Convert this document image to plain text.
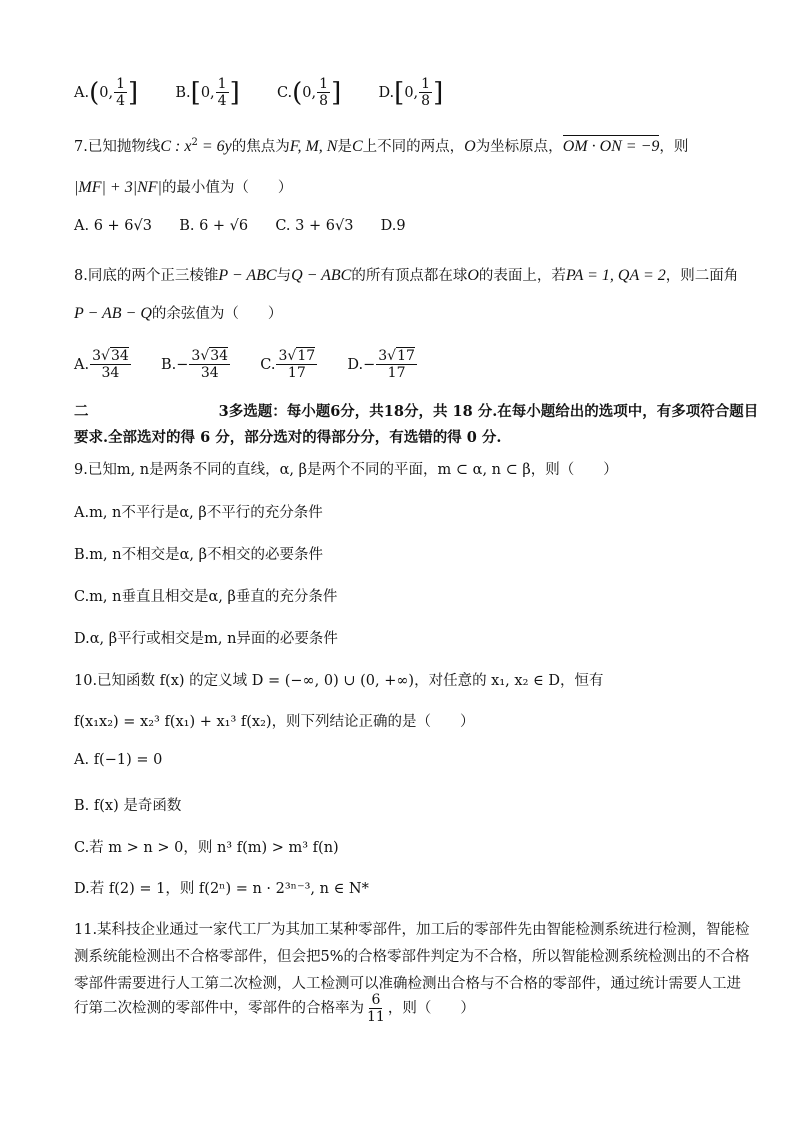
A.(0, $\frac{1}{4}$ ]	B.[0, $\frac{1}{4}$ ]	C.(0, $\frac{1}{8}$ ]	D.[0, $\frac{1}{8}$ ]
7.已知抛物线C : $x^2 = 6y$的焦点为F, M, N是C上不同的两点，O为坐标原点，OM · ON = −9，则
|MF| + 3|NF|的最小值为（　　）
A. 6 + 6√3 B. 6 + √6 C. 3 + 6√3 D.9
8.同底的两个正三棱锥P − ABC与Q − ABC的所有顶点都在球O的表面上，若PA = 1, QA = 2，则二面角
P − AB − Q的余弦值为（　　）
A. $\frac{3√34}{34} B.- \frac{3√34}{34} C$. $\frac{3√17}{17} D.- \frac{3√17}{17}$
二	3多选题：每小题6分，共18分，共 18 分.在每小题给出的选项中，有多项符合题目
要求.全部选对的得 6 分，部分选对的得部分分，有选错的得 0 分.
9.已知m, n是两条不同的直线，α, β是两个不同的平面，m ⊂ α, n ⊂ β，则（　　）
A.m, n不平行是α, β不平行的充分条件
B.m, n不相交是α, β不相交的必要条件
C.m, n垂直且相交是α, β垂直的充分条件
D.α, β平行或相交是m, n异面的必要条件
10.已知函数 f(x) 的定义域 D = (−∞, 0) ∪ (0, +∞)，对任意的 x₁, x₂ ∈ D，恒有
f(x₁x₂) = x₂³ f(x₁) + x₁³ f(x₂)，则下列结论正确的是（　　）
A. f(−1) = 0
B. f(x) 是奇函数
C.若 m > n > 0，则 n³ f(m) > m³ f(n)
D.若 f(2) = 1，则 f(2ⁿ) = n · 2³ⁿ⁻³, n ∈ N*
11.某科技企业通过一家代工厂为其加工某种零部件，加工后的零部件先由智能检测系统进行检测，智能检
测系统能检测出不合格零部件，但会把5%的合格零部件判定为不合格，所以智能检测系统检测出的不合格
零部件需要进行人工第二次检测，人工检测可以准确检测出合格与不合格的零部件，通过统计需要人工进
行第二次检测的零部件中，零部件的合格率为 $\frac{6}{11}$ ，则（　　）
